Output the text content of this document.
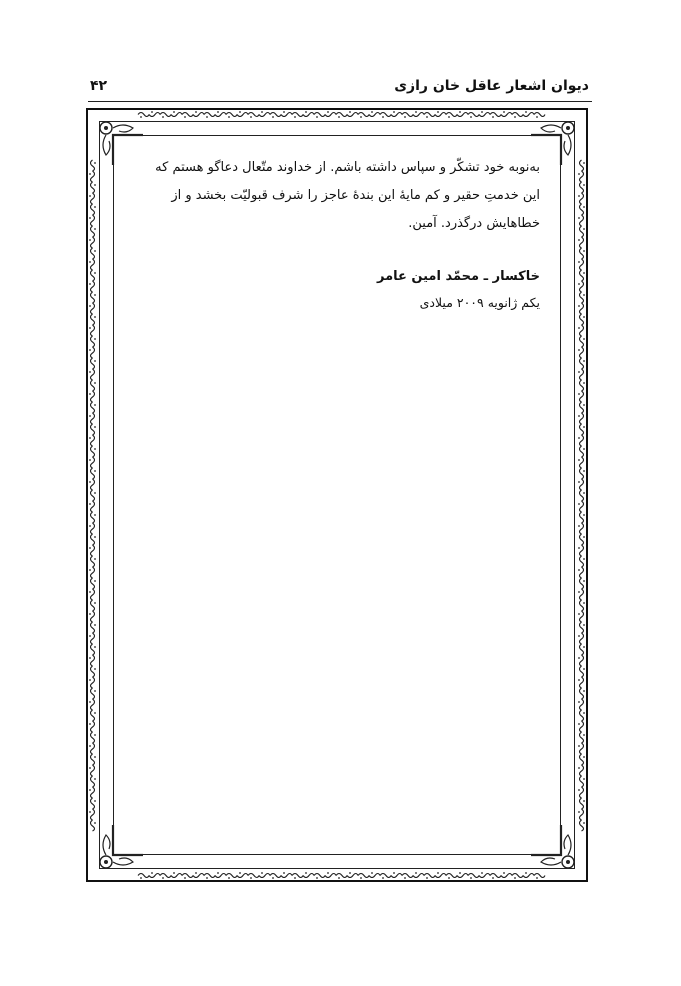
دیوان اشعار عاقل خان رازی
۴۲

به‌نوبه خود تشکّر و سپاس داشته باشم. از خداوند متّعال دعاگو هستم که

این خدمتِ حقیر و کم مایۀ این بندۀ عاجز را شرف قبولیّت بخشد و از

خطاهایش درگذرد. آمین.

خاکسار ـ محمّد امین عامر
یکم ژانویه ۲۰۰۹ میلادی
